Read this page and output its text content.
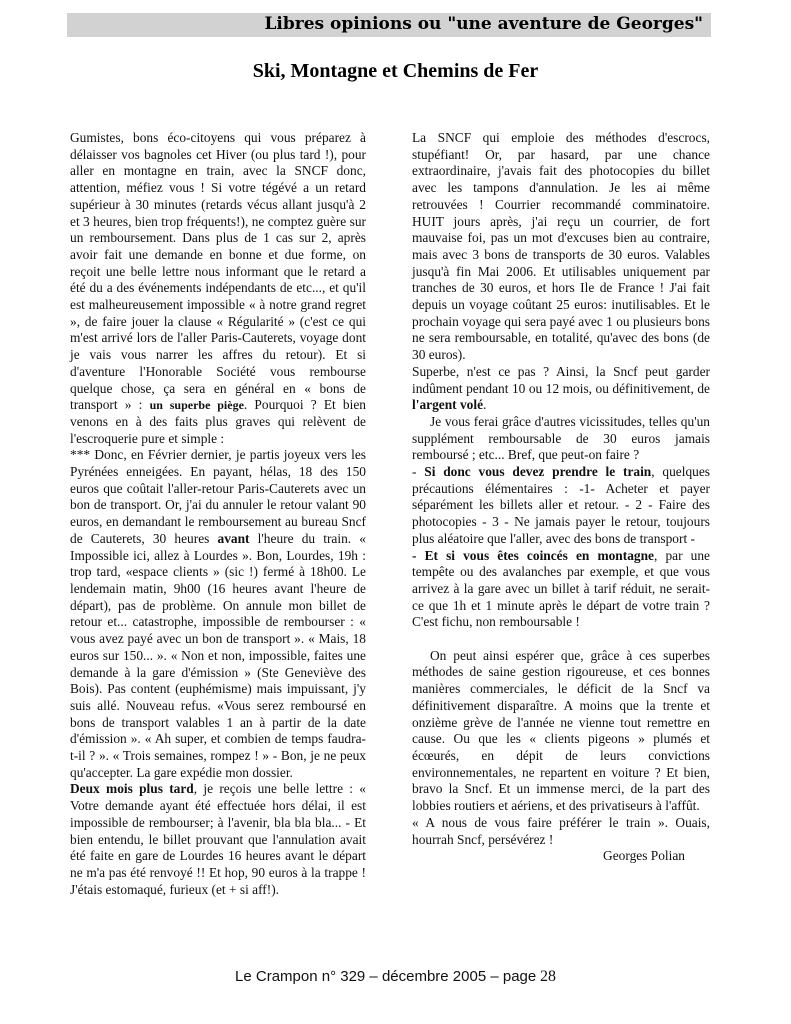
Libres opinions ou "une aventure de Georges"
Ski, Montagne et Chemins de Fer

Gumistes, bons éco-citoyens qui vous préparez à délaisser vos bagnoles cet Hiver (ou plus tard !), pour aller en montagne en train, avec la SNCF donc, attention, méfiez vous ! Si votre tégévé a un retard supérieur à 30 minutes (retards vécus allant jusqu'à 2 et 3 heures, bien trop fréquents!), ne comptez guère sur un remboursement. Dans plus de 1 cas sur 2, après avoir fait une demande en bonne et due forme, on reçoit une belle lettre nous informant que le retard a été du a des événements indépendants de etc..., et qu'il est malheureusement impossible « à notre grand regret », de faire jouer la clause « Régularité » (c'est ce qui m'est arrivé lors de l'aller Paris-Cauterets, voyage dont je vais vous narrer les affres du retour). Et si d'aventure l'Honorable Société vous rembourse quelque chose, ça sera en général en « bons de transport » : un superbe piège. Pourquoi ? Et bien venons en à des faits plus graves qui relèvent de l'escroquerie pure et simple :

*** Donc, en Février dernier, je partis joyeux vers les Pyrénées enneigées. En payant, hélas, 18 des 150 euros que coûtait l'aller-retour Paris-Cauterets avec un bon de transport. Or, j'ai du annuler le retour valant 90 euros, en demandant le remboursement au bureau Sncf de Cauterets, 30 heures avant l'heure du train. « Impossible ici, allez à Lourdes ». Bon, Lourdes, 19h : trop tard, «espace clients » (sic !) fermé à 18h00. Le lendemain matin, 9h00 (16 heures avant l'heure de départ), pas de problème. On annule mon billet de retour et... catastrophe, impossible de rembourser : « vous avez payé avec un bon de transport ». « Mais, 18 euros sur 150... ». « Non et non, impossible, faites une demande à la gare d'émission » (Ste Geneviève des Bois). Pas content (euphémisme) mais impuissant, j'y suis allé. Nouveau refus. «Vous serez remboursé en bons de transport valables 1 an à partir de la date d'émission ». « Ah super, et combien de temps faudra-t-il ? ». « Trois semaines, rompez ! » - Bon, je ne peux qu'accepter. La gare expédie mon dossier.
Deux mois plus tard, je reçois une belle lettre : « Votre demande ayant été effectuée hors délai, il est impossible de rembourser; à l'avenir, bla bla bla... - Et bien entendu, le billet prouvant que l'annulation avait été faite en gare de Lourdes 16 heures avant le départ ne m'a pas été renvoyé !! Et hop, 90 euros à la trappe ! J'étais estomaqué, furieux (et + si aff!).

La SNCF qui emploie des méthodes d'escrocs, stupéfiant! Or, par hasard, par une chance extraordinaire, j'avais fait des photocopies du billet avec les tampons d'annulation. Je les ai même retrouvées ! Courrier recommandé comminatoire. HUIT jours après, j'ai reçu un courrier, de fort mauvaise foi, pas un mot d'excuses bien au contraire, mais avec 3 bons de transports de 30 euros. Valables jusqu'à fin Mai 2006. Et utilisables uniquement par tranches de 30 euros, et hors Ile de France ! J'ai fait depuis un voyage coûtant 25 euros: inutilisables. Et le prochain voyage qui sera payé avec 1 ou plusieurs bons ne sera remboursable, en totalité, qu'avec des bons (de 30 euros).

Superbe, n'est ce pas ? Ainsi, la Sncf peut garder indûment pendant 10 ou 12 mois, ou définitivement, de l'argent volé.

Je vous ferai grâce d'autres vicissitudes, telles qu'un supplément remboursable de 30 euros jamais remboursé ; etc... Bref, que peut-on faire ?

- Si donc vous devez prendre le train, quelques précautions élémentaires : -1- Acheter et payer séparément les billets aller et retour. - 2 - Faire des photocopies - 3 - Ne jamais payer le retour, toujours plus aléatoire que l'aller, avec des bons de transport -
- Et si vous êtes coincés en montagne, par une tempête ou des avalanches par exemple, et que vous arrivez à la gare avec un billet à tarif réduit, ne serait-ce que 1h et 1 minute après le départ de votre train ? C'est fichu, non remboursable !

On peut ainsi espérer que, grâce à ces superbes méthodes de saine gestion rigoureuse, et ces bonnes manières commerciales, le déficit de la Sncf va définitivement disparaître. A moins que la trente et onzième grève de l'année ne vienne tout remettre en cause. Ou que les « clients pigeons » plumés et écœurés, en dépit de leurs convictions environnementales, ne repartent en voiture ? Et bien, bravo la Sncf. Et un immense merci, de la part des lobbies routiers et aériens, et des privatiseurs à l'affût.

« A nous de vous faire préférer le train ». Ouais, hourrah Sncf, persévérez !

Georges Polian

Le Crampon n° 329 – décembre 2005 – page 28
